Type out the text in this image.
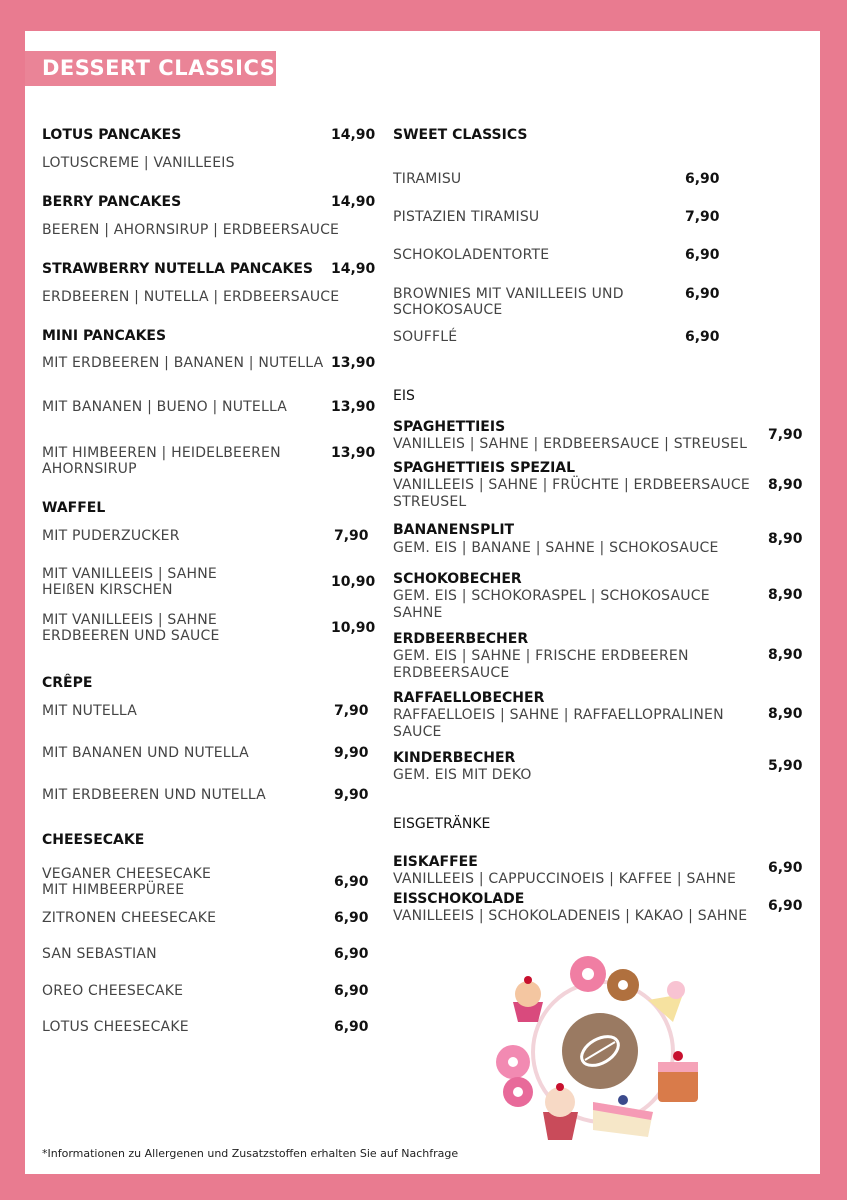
DESSERT CLASSICS
LOTUS PANCAKES	14,90
LOTUSCREME | VANILLEEIS
BERRY PANCAKES	14,90
BEEREN | AHORNSIRUP | ERDBEERSAUCE
STRAWBERRY NUTELLA PANCAKES 14,90
ERDBEEREN | NUTELLA | ERDBEERSAUCE
MINI PANCAKES
MIT ERDBEEREN | BANANEN | NUTELLA 13,90
MIT BANANEN | BUENO | NUTELLA	13,90
MIT HIMBEEREN | HEIDELBEEREN
AHORNSIRUP
13,90
WAFFEL
MIT PUDERZUCKER	7,90
MIT VANILLEEIS | SAHNE
HEIßEN KIRSCHEN	10,90
MIT VANILLEEIS | SAHNE
ERDBEEREN UND SAUCE	10,90
CRÊPE
MIT NUTELLA	7,90
MIT BANANEN UND NUTELLA	9,90
MIT ERDBEEREN UND NUTELLA	9,90
CHEESECAKE
VEGANER CHEESECAKE
MIT HIMBEERPÜREE	6,90
ZITRONEN CHEESECAKE	6,90
SAN SEBASTIAN	6,90
OREO CHEESECAKE	6,90
LOTUS CHEESECAKE	6,90
SWEET CLASSICS
TIRAMISU	6,90
PISTAZIEN TIRAMISU	7,90
SCHOKOLADENTORTE	6,90
BROWNIES MIT VANILLEEIS UND
SCHOKOSAUCE
6,90
SOUFFLÉ	6,90
EIS
SPAGHETTIEIS
VANILLEIS | SAHNE | ERDBEERSAUCE | STREUSEL
7,90
SPAGHETTIEIS SPEZIAL
VANILLEEIS | SAHNE | FRÜCHTE | ERDBEERSAUCE
STREUSEL
8,90
BANANENSPLIT
GEM. EIS | BANANE | SAHNE | SCHOKOSAUCE
8,90
SCHOKOBECHER
GEM. EIS | SCHOKORASPEL | SCHOKOSAUCE
SAHNE
8,90
ERDBEERBECHER
GEM. EIS | SAHNE | FRISCHE ERDBEEREN
ERDBEERSAUCE
8,90
RAFFAELLOBECHER
RAFFAELLOEIS | SAHNE | RAFFAELLOPRALINEN
SAUCE
8,90
KINDERBECHER
GEM. EIS MIT DEKO
5,90
EISGETRÄNKE
EISKAFFEE
VANILLEEIS | CAPPUCCINOEIS | KAFFEE | SAHNE
6,90
EISSCHOKOLADE
VANILLEEIS | SCHOKOLADENEIS | KAKAO | SAHNE
6,90
*Informationen zu Allergenen und Zusatzstoffen erhalten Sie auf Nachfrage
